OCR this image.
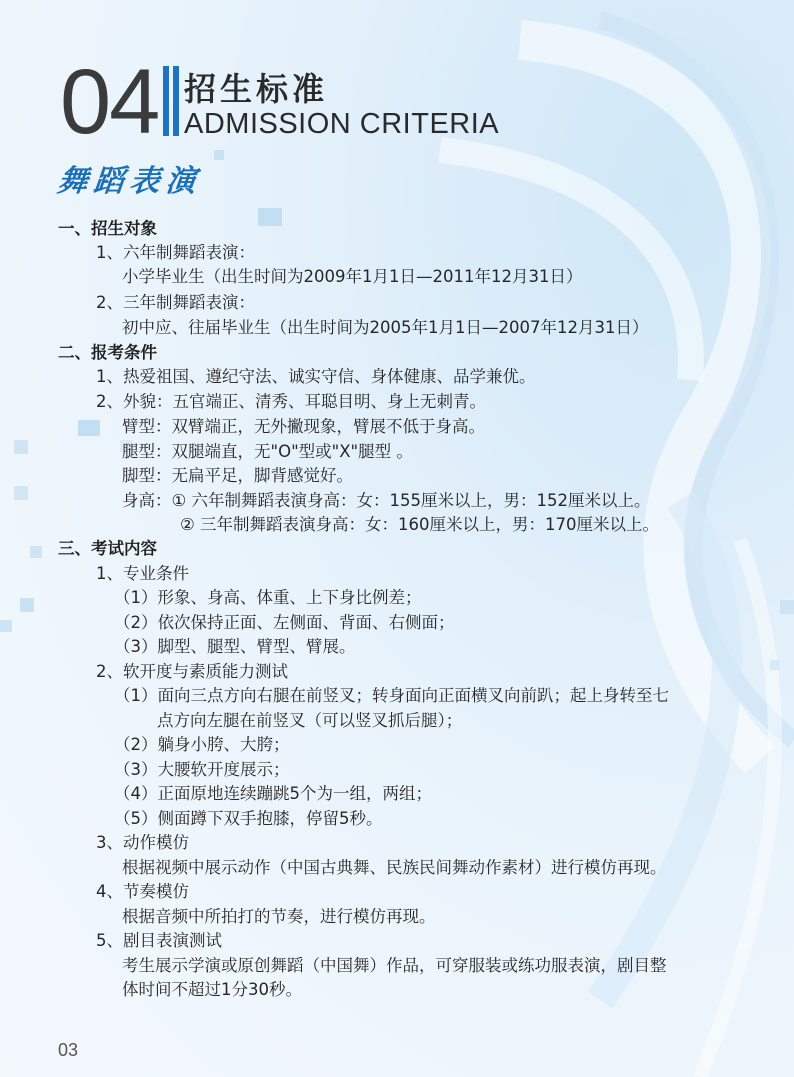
04 招生标准
ADMISSION CRITERIA
舞蹈表演
一、招生对象
1、六年制舞蹈表演：
小学毕业生（出生时间为2009年1月1日—2011年12月31日）
2、三年制舞蹈表演：
初中应、往届毕业生（出生时间为2005年1月1日—2007年12月31日）
二、报考条件
1、热爱祖国、遵纪守法、诚实守信、身体健康、品学兼优。
2、外貌：五官端正、清秀、耳聪目明、身上无刺青。
臂型：双臂端正，无外撇现象，臂展不低于身高。
腿型：双腿端直，无"O"型或"X"腿型 。
脚型：无扁平足，脚背感觉好。
身高：① 六年制舞蹈表演身高：女：155厘米以上，男：152厘米以上。
② 三年制舞蹈表演身高：女：160厘米以上，男：170厘米以上。
三、考试内容
1、专业条件
（1）形象、身高、体重、上下身比例差；
（2）依次保持正面、左侧面、背面、右侧面；
（3）脚型、腿型、臂型、臂展。
2、软开度与素质能力测试
（1）面向三点方向右腿在前竖叉；转身面向正面横叉向前趴；起上身转至七
点方向左腿在前竖叉（可以竖叉抓后腿）；
（2）躺身小胯、大胯；
（3）大腰软开度展示；
（4）正面原地连续蹦跳5个为一组，两组；
（5）侧面蹲下双手抱膝，停留5秒。
3、动作模仿
根据视频中展示动作（中国古典舞、民族民间舞动作素材）进行模仿再现。
4、节奏模仿
根据音频中所拍打的节奏，进行模仿再现。
5、剧目表演测试
考生展示学演或原创舞蹈（中国舞）作品，可穿服装或练功服表演，剧目整
体时间不超过1分30秒。
03
